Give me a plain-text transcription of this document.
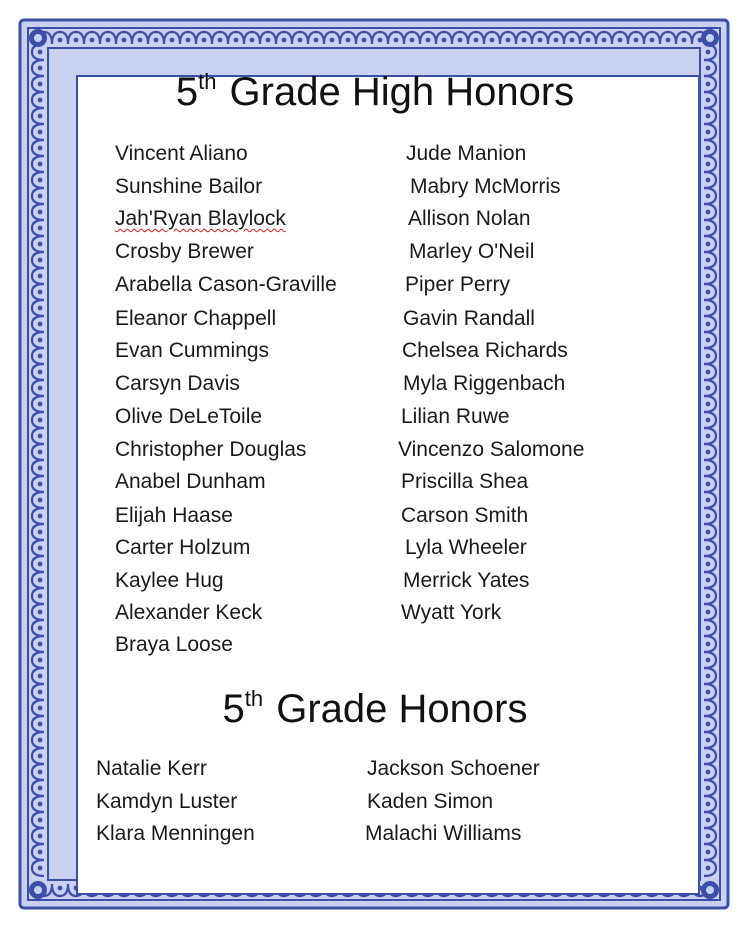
5th Grade High Honors
Vincent Aliano
Sunshine Bailor
Jah'Ryan Blaylock
Crosby Brewer
Arabella Cason-Graville
Eleanor Chappell
Evan Cummings
Carsyn Davis
Olive DeLeToile
Christopher Douglas
Anabel Dunham
Elijah Haase
Carter Holzum
Kaylee Hug
Alexander Keck
Braya Loose
Jude Manion
Mabry McMorris
Allison Nolan
Marley O'Neil
Piper Perry
Gavin Randall
Chelsea Richards
Myla Riggenbach
Lilian Ruwe
Vincenzo Salomone
Priscilla Shea
Carson Smith
Lyla Wheeler
Merrick Yates
Wyatt York
5th Grade Honors
Natalie Kerr
Kamdyn Luster
Klara Menningen
Jackson Schoener
Kaden Simon
Malachi Williams
